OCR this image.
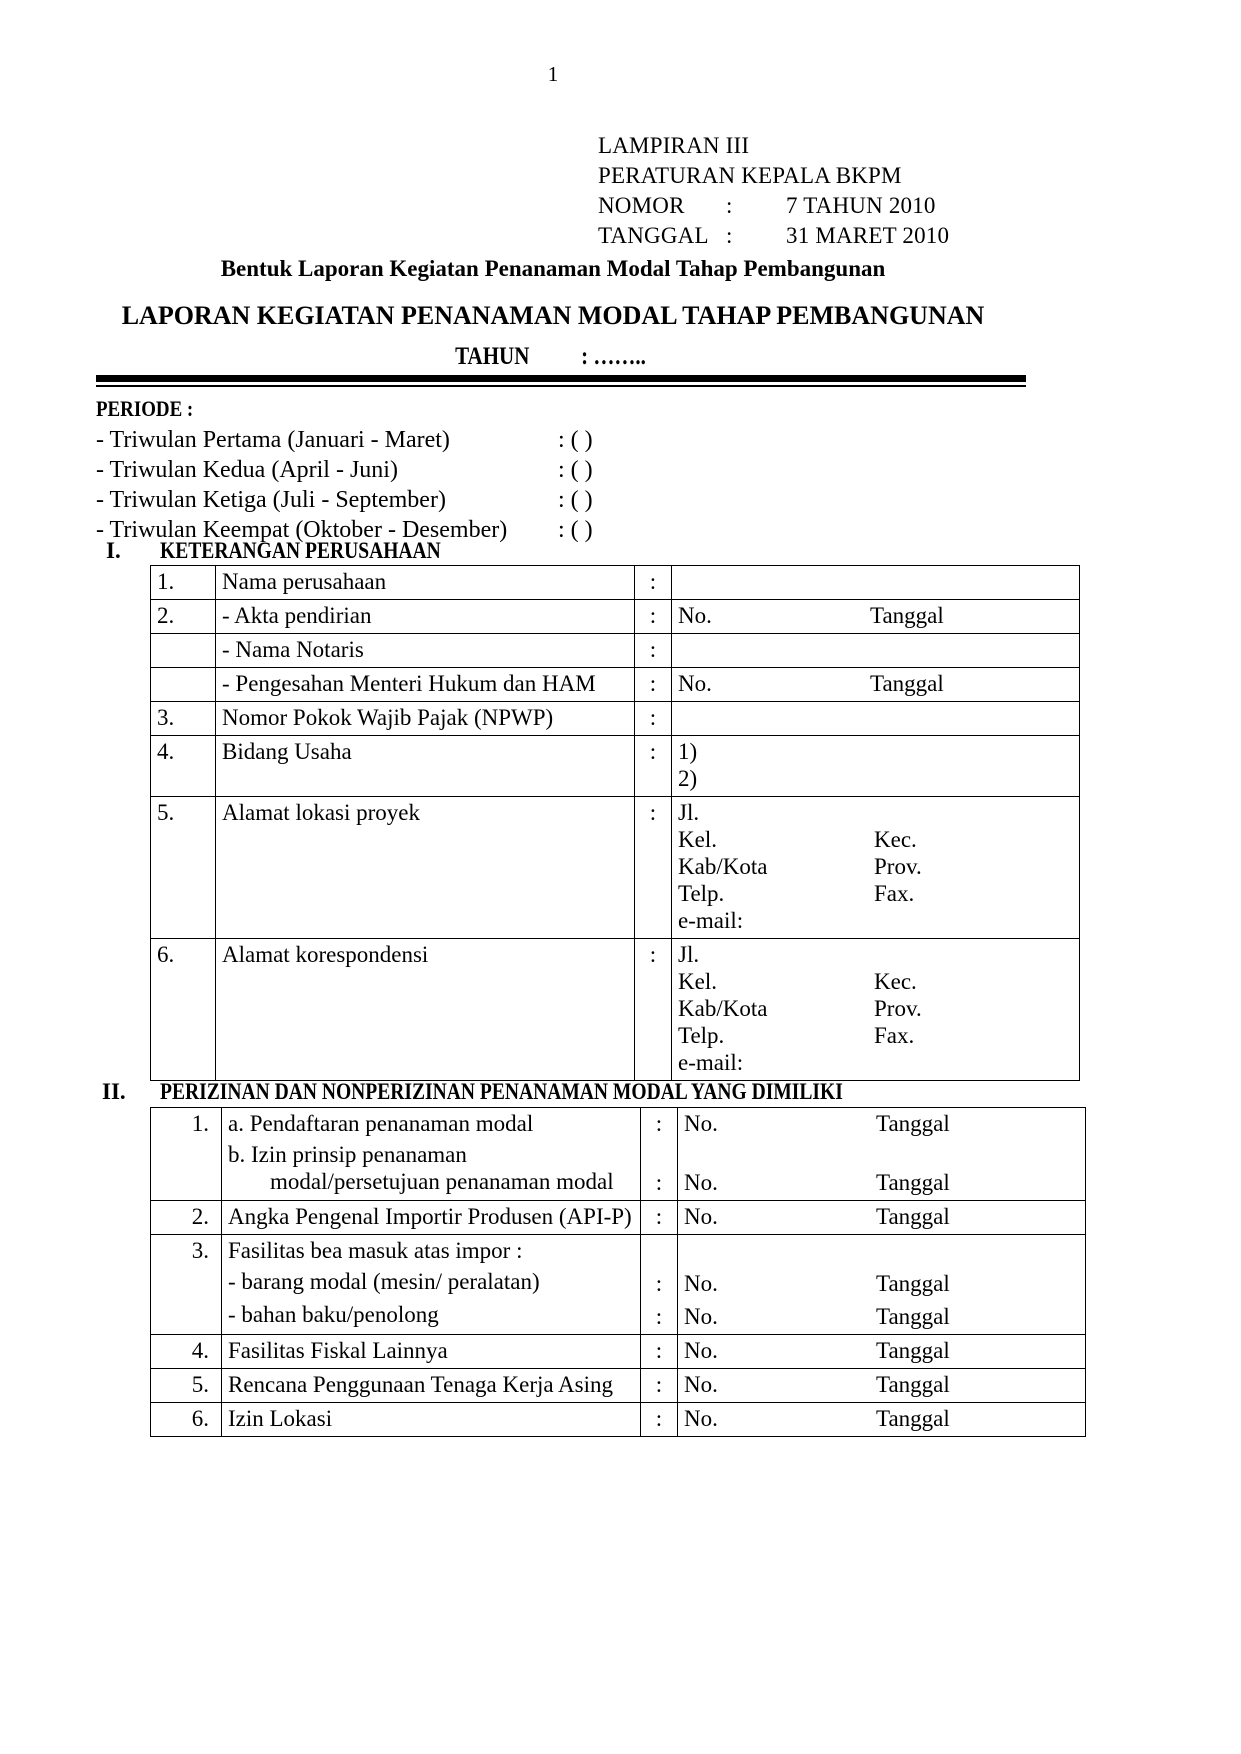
1
LAMPIRAN III
PERATURAN KEPALA BKPM
NOMOR : 7 TAHUN 2010
TANGGAL : 31 MARET 2010
Bentuk Laporan Kegiatan Penanaman Modal Tahap Pembangunan
LAPORAN KEGIATAN PENANAMAN MODAL TAHAP PEMBANGUNAN
TAHUN : ……..
PERIODE :
- Triwulan Pertama (Januari - Maret)	: ( )
- Triwulan Kedua (April - Juni)	: ( )
- Triwulan Ketiga (Juli - September)	: ( )
- Triwulan Keempat (Oktober - Desember) : ( )
I. KETERANGAN PERUSAHAAN
1.	Nama perusahaan	:	
2.	- Akta pendirian	:	No. Tanggal
	- Nama Notaris	:	
	- Pengesahan Menteri Hukum dan HAM	:	No. Tanggal
3.	Nomor Pokok Wajib Pajak (NPWP)	:	
4.	Bidang Usaha	:	1)
2)

5.	Alamat lokasi proyek	:	Jl.
Kel. Kec.
Kab/Kota Prov.
Telp. Fax.
e-mail:

6.	Alamat korespondensi	:	Jl.
Kel. Kec.
Kab/Kota Prov.
Telp. Fax.
e-mail:
II. PERIZINAN DAN NONPERIZINAN PENANAMAN MODAL YANG DIMILIKI
1.	a. Pendaftaran penanaman modal	:	No. Tanggal
	b. Izin prinsip penanaman modal/persetujuan penanaman modal	:	No. Tanggal
2.	Angka Pengenal Importir Produsen (API-P)	:	No. Tanggal
3.	Fasilitas bea masuk atas impor :		
	- barang modal (mesin/ peralatan)	:	No. Tanggal
	- bahan baku/penolong	:	No. Tanggal
4.	Fasilitas Fiskal Lainnya	:	No. Tanggal
5.	Rencana Penggunaan Tenaga Kerja Asing	:	No. Tanggal
6.	Izin Lokasi	:	No. Tanggal
